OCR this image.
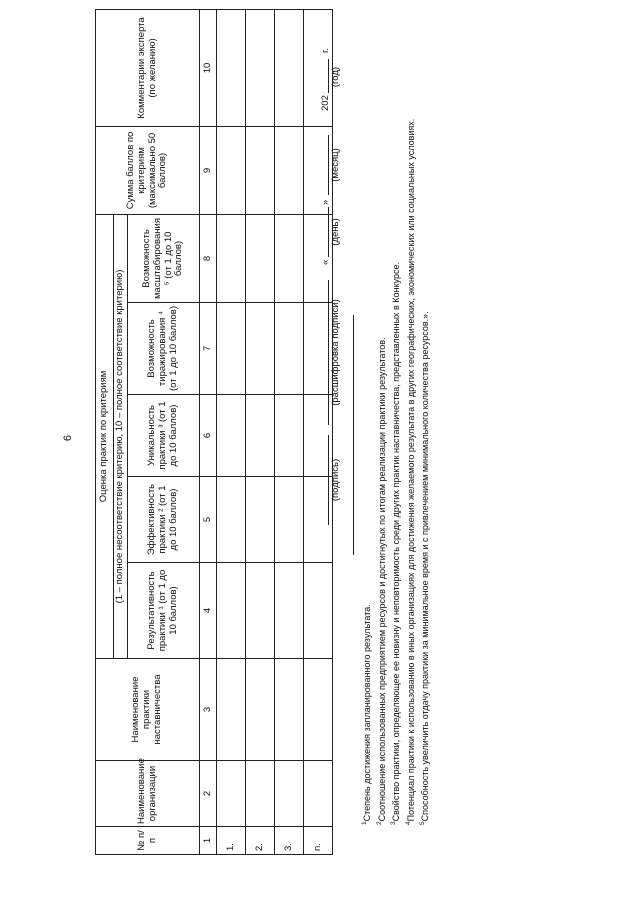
6
№ п/п	Наименование организации	Наименование практики наставничества	Оценка практик по критериям					Сумма баллов по критериям (максимально 50 баллов)	Комментарии эксперта (по желанию)
			(1 – полное несоответствие критерию, 10 – полное соответствие критерию)						
			Результативность практики ¹ (от 1 до 10 баллов)	Эффективность практики ² (от 1 до 10 баллов)	Уникальность практики ³ (от 1 до 10 баллов)	Возможность тиражирования ⁴ (от 1 до 10 баллов)	Возможность масштабирования ⁵ (от 1 до 10 баллов)		
1	2	3	4	5	6	7	8	9	10
1.									
2.									
3.									
n.									
(подпись)
(расшифровка подписи)
«
(день)
»
(месяц)
202
(год)
г.

$^1$Степень достижения запланированного результата.

$^2$Соотношение использованных предприятием ресурсов и достигнутых по итогам реализации практики результатов.

$^3$Свойство практики, определяющее ее новизну и неповторимость среди других практик наставничества, представленных в Конкурсе.

$^4$Потенциал практики к использованию в иных организациях для достижения желаемого результата в других географических, экономических или социальных условиях.

$^5$Способность увеличить отдачу практики за минимальное время и с привлечением минимального количества ресурсов.».
